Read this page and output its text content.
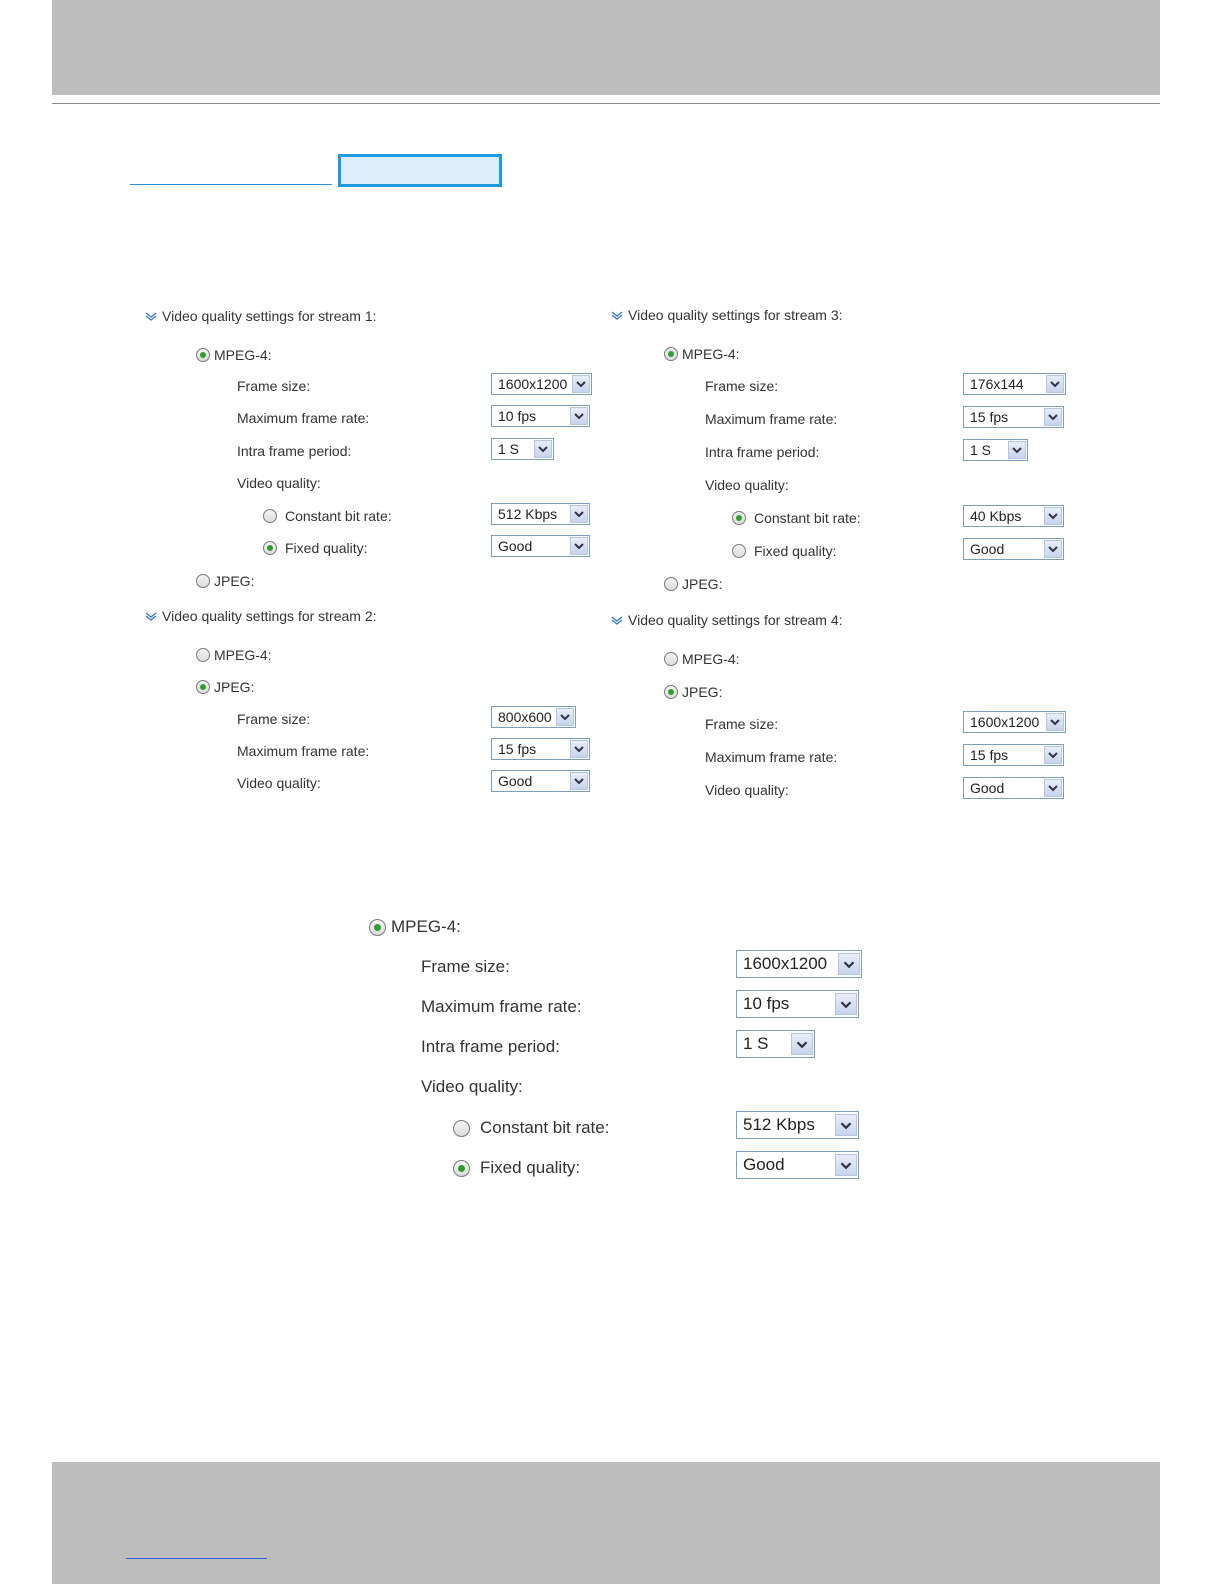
Video quality settings for stream 1:
MPEG-4:
Frame size:	1600x1200
Maximum frame rate:	10 fps
Intra frame period:	1 S
Video quality:
Constant bit rate:	512 Kbps
Fixed quality:	Good
JPEG:
Video quality settings for stream 2:
MPEG-4:
JPEG:
Frame size:	800x600
Maximum frame rate:	15 fps
Video quality:	Good
Video quality settings for stream 3:
MPEG-4:
Frame size:	176x144
Maximum frame rate:	15 fps
Intra frame period:	1 S
Video quality:
Constant bit rate:	40 Kbps
Fixed quality:	Good
JPEG:
Video quality settings for stream 4:
MPEG-4:
JPEG:
Frame size:	1600x1200
Maximum frame rate:	15 fps
Video quality:	Good
MPEG-4:
Frame size:	1600x1200
Maximum frame rate:	10 fps
Intra frame period:	1 S
Video quality:
Constant bit rate:	512 Kbps
Fixed quality:	Good
